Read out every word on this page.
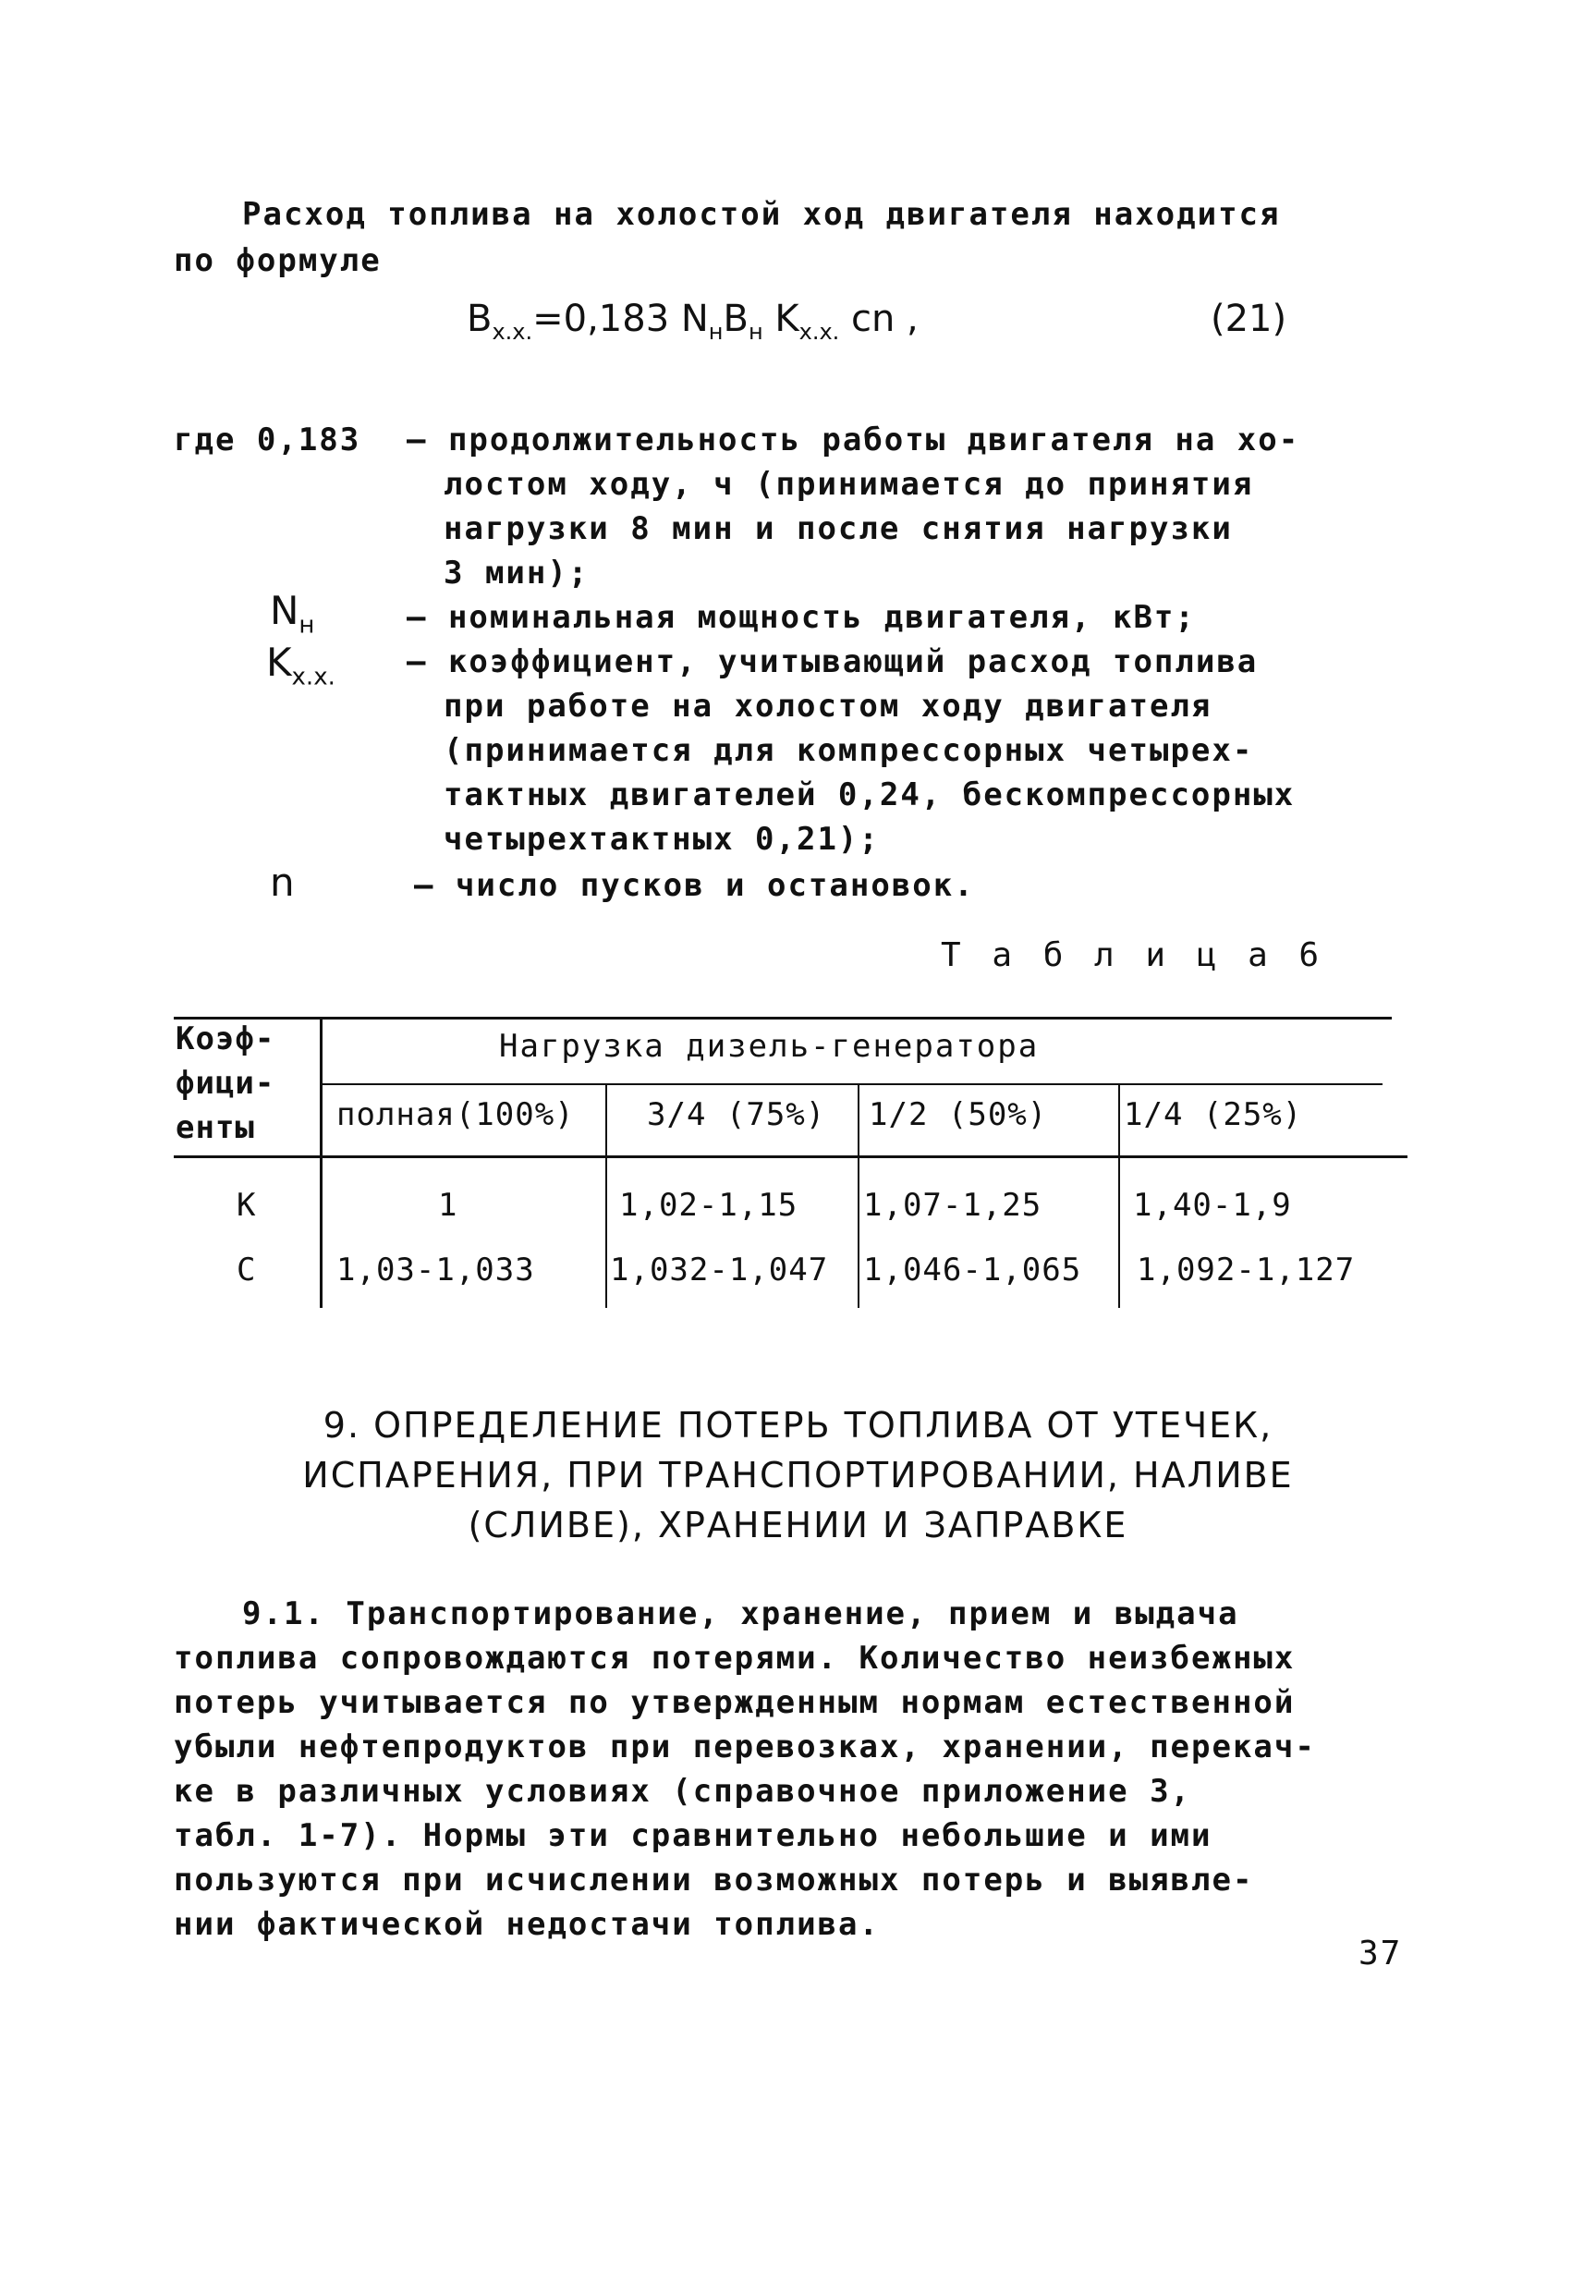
Расход топлива на холостой ход двигателя находится

по формуле

$B_{х.х.}=0,183$ $N_нB_н$ $K_{х.х.}$ cn ,	(21)

где 0,183 – продолжительность работы двигателя на хо-

лостом ходу, ч (принимается до принятия

нагрузки 8 мин и после снятия нагрузки

3 мин);

$N_н$	– номинальная мощность двигателя, кВт;

$K_{х.х.}$ – коэффициент, учитывающий расход топлива

при работе на холостом ходу двигателя

(принимается для компрессорных четырех-

тактных двигателей 0,24, бескомпрессорных

четырехтактных 0,21);

n	– число пусков и остановок.

Т а б л и ц а 6

Коэф-
фици-
енты
Нагрузка дизель-генератора
полная(100%) 3/4 (75%) 1/2 (50%) 1/4 (25%)
K	1	1,02-1,15 1,07-1,25	1,40-1,9
C	1,03-1,033 1,032-1,047 1,046-1,065 1,092-1,127

9. ОПРЕДЕЛЕНИЕ ПОТЕРЬ ТОПЛИВА ОТ УТЕЧЕК,

ИСПАРЕНИЯ, ПРИ ТРАНСПОРТИРОВАНИИ, НАЛИВЕ

(СЛИВЕ), ХРАНЕНИИ И ЗАПРАВКЕ

9.1. Транспортирование, хранение, прием и выдача

топлива сопровождаются потерями. Количество неизбежных

потерь учитывается по утвержденным нормам естественной

убыли нефтепродуктов при перевозках, хранении, перекач-

ке в различных условиях (справочное приложение 3,

табл. 1-7). Нормы эти сравнительно небольшие и ими

пользуются при исчислении возможных потерь и выявле-

нии фактической недостачи топлива.

37
